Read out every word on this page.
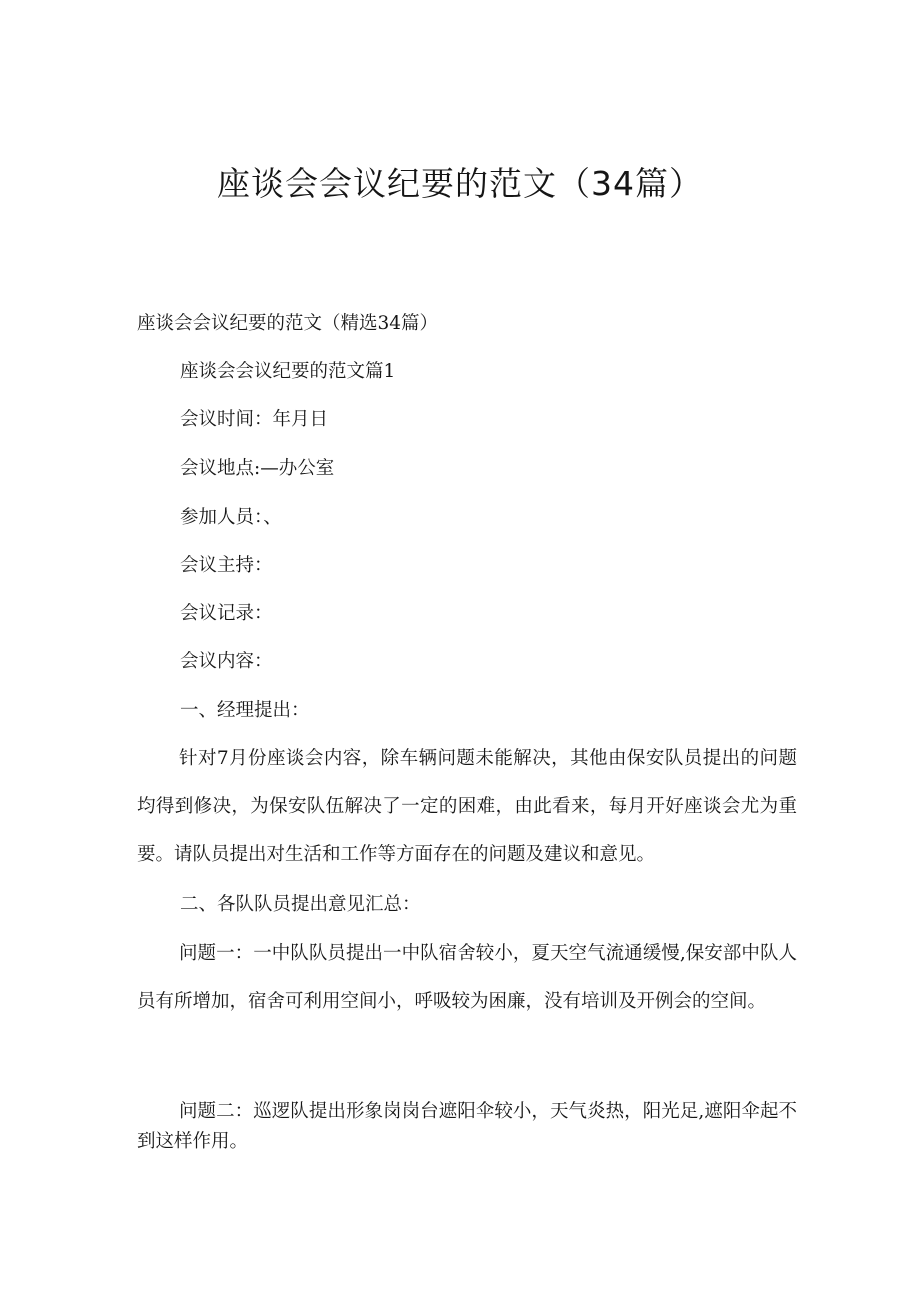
座谈会会议纪要的范文（34篇）

座谈会会议纪要的范文（精选34篇）

座谈会会议纪要的范文篇1

会议时间：年月日

会议地点:—办公室

参加人员：、

会议主持：

会议记录：

会议内容：

一、经理提出：

针对7月份座谈会内容，除车辆问题未能解决，其他由保安队员提出的问题均得到修决，为保安队伍解决了一定的困难，由此看来，每月开好座谈会尤为重要。请队员提出对生活和工作等方面存在的问题及建议和意见。

二、各队队员提出意见汇总：

问题一：一中队队员提出一中队宿舍较小，夏天空气流通缓慢,保安部中队人员有所增加，宿舍可利用空间小，呼吸较为困廉，没有培训及开例会的空间。

问题二：巡逻队提出形象岗岗台遮阳伞较小，天气炎热，阳光足,遮阳伞起不到这样作用。
